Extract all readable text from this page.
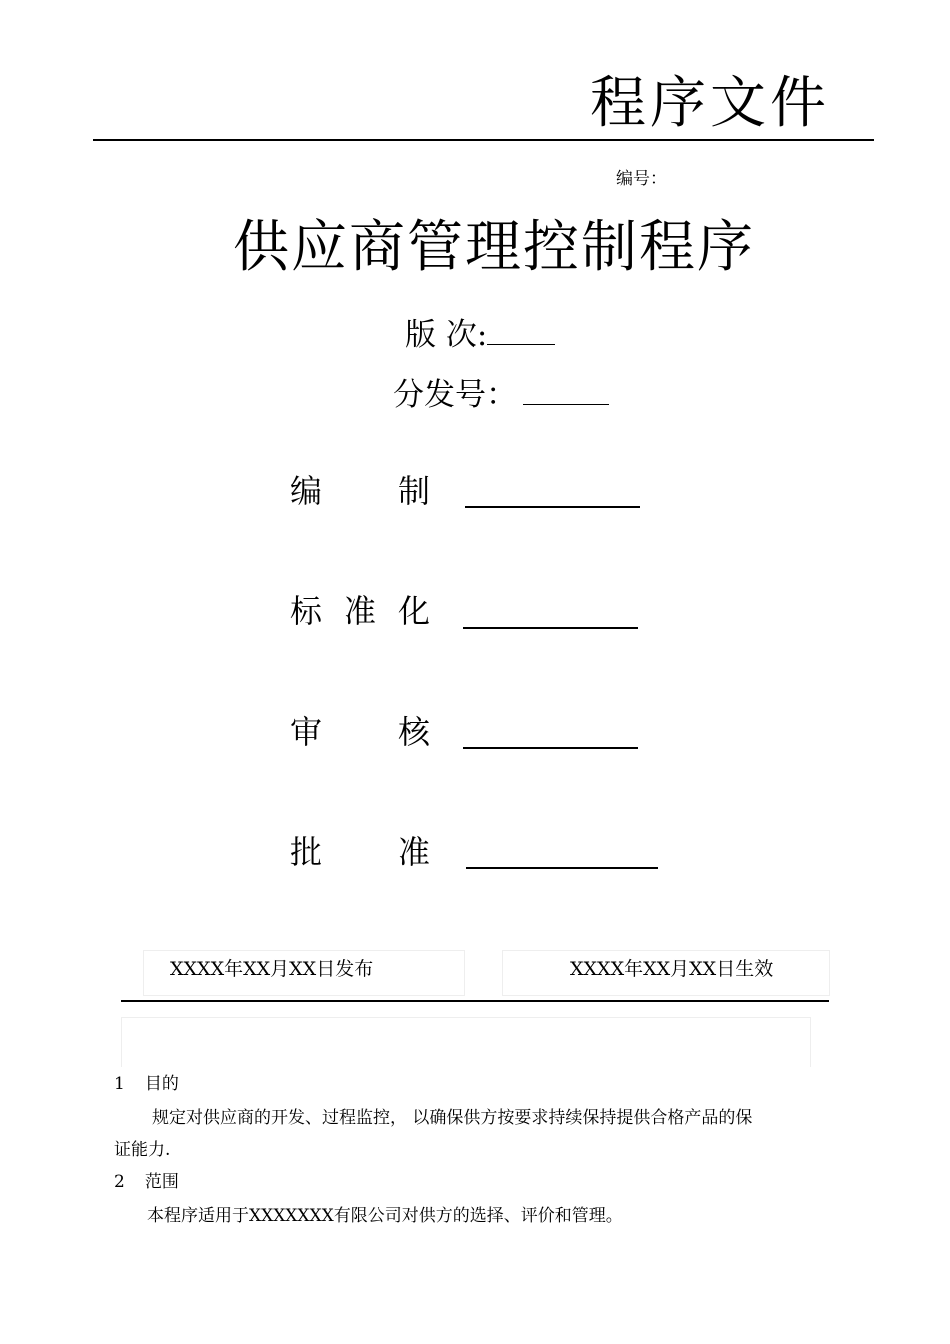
程序文件
编号：
供应商管理控制程序
版 次:
分发号：
编 制
标 准 化
审 核
批 准
XXXX年XX月XX日发布	XXXX年XX月XX日生效
1 目的
规定对供应商的开发、过程监控， 以确保供方按要求持续保持提供合格产品的保
证能力.
2 范围
本程序适用于XXXXXXX有限公司对供方的选择、评价和管理。
